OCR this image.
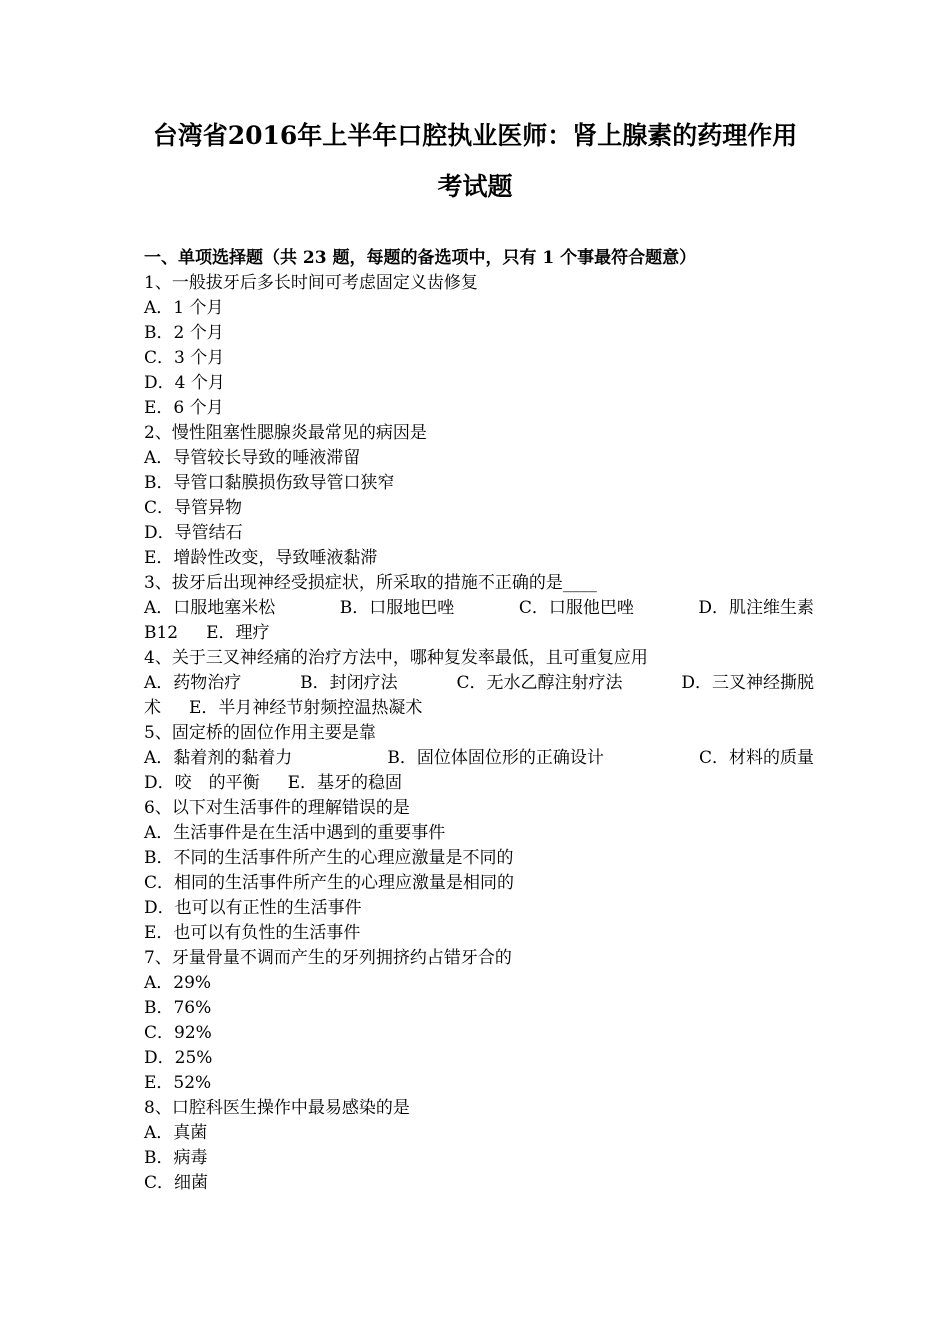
台湾省2016年上半年口腔执业医师：肾上腺素的药理作用
考试题
一、单项选择题（共 23 题，每题的备选项中，只有 1 个事最符合题意）
1、一般拔牙后多长时间可考虑固定义齿修复
A．1 个月
B．2 个月
C．3 个月
D．4 个月
E．6 个月
2、慢性阻塞性腮腺炎最常见的病因是
A．导管较长导致的唾液滞留
B．导管口黏膜损伤致导管口狭窄
C．导管异物
D．导管结石
E．增龄性改变，导致唾液黏滞
3、拔牙后出现神经受损症状，所采取的措施不正确的是____
A．口服地塞米松	B．口服地巴唑	C．口服他巴唑	D．肌注维生素
B12 E．理疗
4、关于三叉神经痛的治疗方法中，哪种复发率最低，且可重复应用
A．药物治疗	B．封闭疗法	C．无水乙醇注射疗法	D．三叉神经撕脱
术 E．半月神经节射频控温热凝术
5、固定桥的固位作用主要是靠
A．黏着剂的黏着力	B．固位体固位形的正确设计	C．材料的质量
D．咬　的平衡 E．基牙的稳固
6、以下对生活事件的理解错误的是
A．生活事件是在生活中遇到的重要事件
B．不同的生活事件所产生的心理应激量是不同的
C．相同的生活事件所产生的心理应激量是相同的
D．也可以有正性的生活事件
E．也可以有负性的生活事件
7、牙量骨量不调而产生的牙列拥挤约占错牙合的
A．29%
B．76%
C．92%
D．25%
E．52%
8、口腔科医生操作中最易感染的是
A．真菌
B．病毒
C．细菌
